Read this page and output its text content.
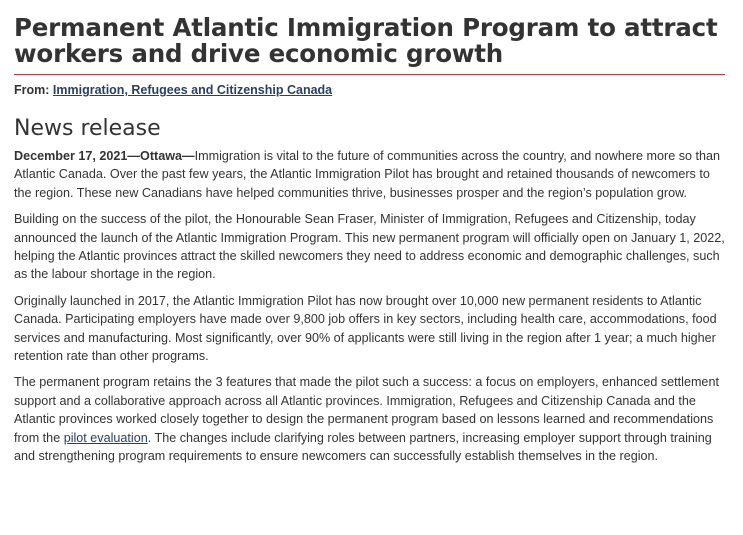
Permanent Atlantic Immigration Program to attract workers and drive economic growth
From: Immigration, Refugees and Citizenship Canada
News release

December 17, 2021—Ottawa—Immigration is vital to the future of communities across the country, and nowhere more so than Atlantic Canada. Over the past few years, the Atlantic Immigration Pilot has brought and retained thousands of newcomers to the region. These new Canadians have helped communities thrive, businesses prosper and the region’s population grow.

Building on the success of the pilot, the Honourable Sean Fraser, Minister of Immigration, Refugees and Citizenship, today announced the launch of the Atlantic Immigration Program. This new permanent program will officially open on January 1, 2022, helping the Atlantic provinces attract the skilled newcomers they need to address economic and demographic challenges, such as the labour shortage in the region.

Originally launched in 2017, the Atlantic Immigration Pilot has now brought over 10,000 new permanent residents to Atlantic Canada. Participating employers have made over 9,800 job offers in key sectors, including health care, accommodations, food services and manufacturing. Most significantly, over 90% of applicants were still living in the region after 1 year; a much higher retention rate than other programs.

The permanent program retains the 3 features that made the pilot such a success: a focus on employers, enhanced settlement support and a collaborative approach across all Atlantic provinces. Immigration, Refugees and Citizenship Canada and the Atlantic provinces worked closely together to design the permanent program based on lessons learned and recommendations from the pilot evaluation. The changes include clarifying roles between partners, increasing employer support through training and strengthening program requirements to ensure newcomers can successfully establish themselves in the region.
